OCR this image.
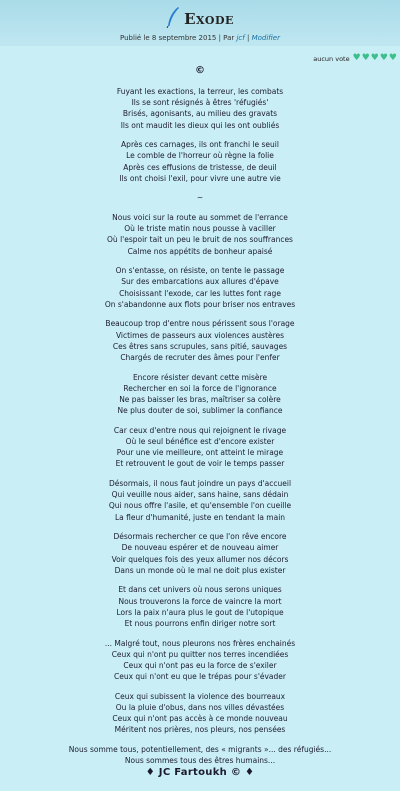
Exode
Publié le 8 septembre 2015 | Par jcf | Modifier
aucun vote ♥ ♥ ♥ ♥ ♥
©
Fuyant les exactions, la terreur, les combats
Ils se sont résignés à êtres 'réfugiés'
Brisés, agonisants, au milieu des gravats
Ils ont maudit les dieux qui les ont oubliés
Après ces carnages, ils ont franchi le seuil
Le comble de l'horreur où règne la folie
Après ces effusions de tristesse, de deuil
Ils ont choisi l'exil, pour vivre une autre vie
~
Nous voici sur la route au sommet de l'errance
Où le triste matin nous pousse à vaciller
Où l'espoir tait un peu le bruit de nos souffrances
Calme nos appétits de bonheur apaisé
On s'entasse, on résiste, on tente le passage
Sur des embarcations aux allures d'épave
Choisissant l'exode, car les luttes font rage
On s'abandonne aux flots pour briser nos entraves
Beaucoup trop d'entre nous périssent sous l'orage
Victimes de passeurs aux violences austères
Ces êtres sans scrupules, sans pitié, sauvages
Chargés de recruter des âmes pour l'enfer
Encore résister devant cette misère
Rechercher en soi la force de l'ignorance
Ne pas baisser les bras, maîtriser sa colère
Ne plus douter de soi, sublimer la confiance
Car ceux d'entre nous qui rejoignent le rivage
Où le seul bénéfice est d'encore exister
Pour une vie meilleure, ont atteint le mirage
Et retrouvent le gout de voir le temps passer
Désormais, il nous faut joindre un pays d'accueil
Qui veuille nous aider, sans haine, sans dédain
Qui nous offre l'asile, et qu'ensemble l'on cueille
La fleur d'humanité, juste en tendant la main
Désormais rechercher ce que l'on rêve encore
De nouveau espérer et de nouveau aimer
Voir quelques fois des yeux allumer nos décors
Dans un monde où le mal ne doit plus exister
Et dans cet univers où nous serons uniques
Nous trouverons la force de vaincre la mort
Lors la paix n'aura plus le gout de l'utopique
Et nous pourrons enfin diriger notre sort
... Malgré tout, nous pleurons nos frères enchainés
Ceux qui n'ont pu quitter nos terres incendiées
Ceux qui n'ont pas eu la force de s'exiler
Ceux qui n'ont eu que le trépas pour s'évader
Ceux qui subissent la violence des bourreaux
Ou la pluie d'obus, dans nos villes dévastées
Ceux qui n'ont pas accès à ce monde nouveau
Méritent nos prières, nos pleurs, nos pensées
Nous somme tous, potentiellement, des « migrants »... des réfugiés...
Nous sommes tous des êtres humains...
♦ JC Fartoukh © ♦
